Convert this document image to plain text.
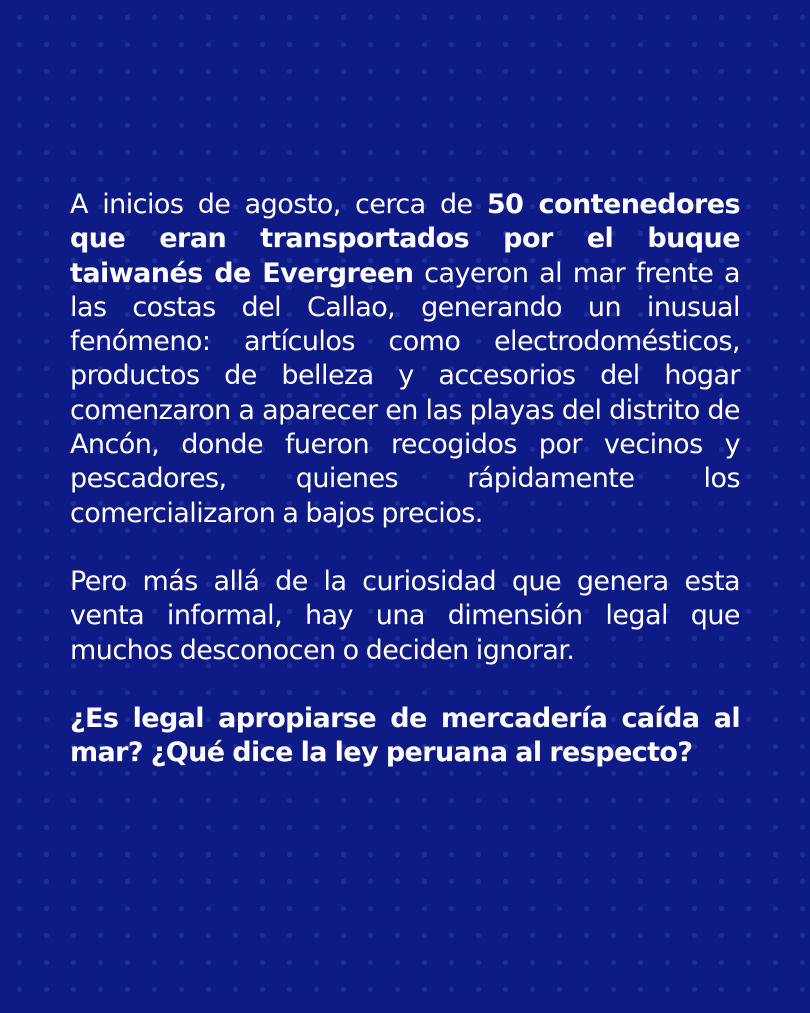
A inicios de agosto, cerca de 50 contenedores que eran transportados por el buque taiwanés de Evergreen cayeron al mar frente a las costas del Callao, generando un inusual fenómeno: artículos como electrodomésticos, productos de belleza y accesorios del hogar comenzaron a aparecer en las playas del distrito de Ancón, donde fueron recogidos por vecinos y pescadores, quienes rápidamente los comercializaron a bajos precios.

Pero más allá de la curiosidad que genera esta venta informal, hay una dimensión legal que muchos desconocen o deciden ignorar.

¿Es legal apropiarse de mercadería caída al mar? ¿Qué dice la ley peruana al respecto?
